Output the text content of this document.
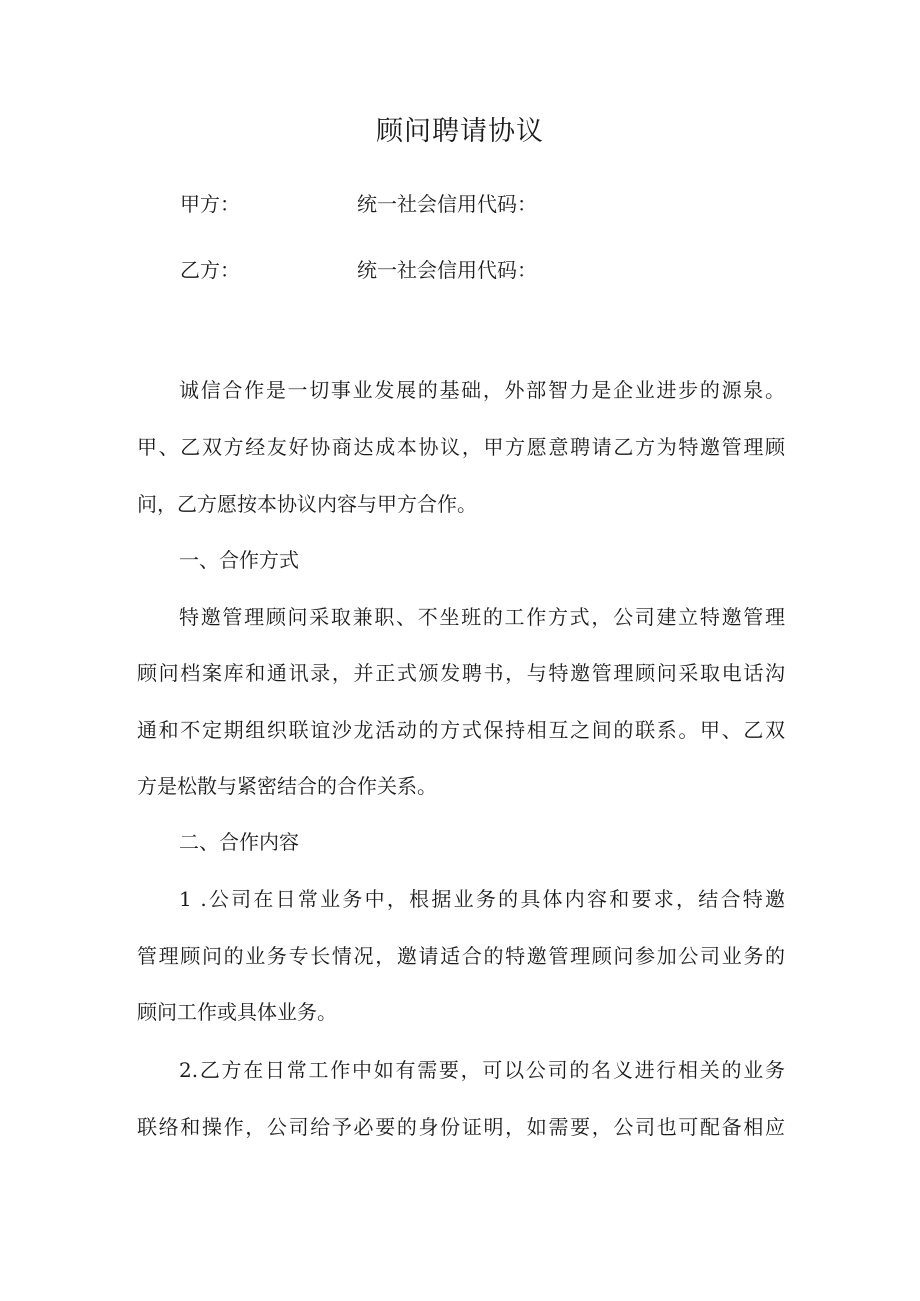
顾问聘请协议
甲方：	统一社会信用代码：
乙方：	统一社会信用代码：
诚信合作是一切事业发展的基础，外部智力是企业进步的源泉。
甲、乙双方经友好协商达成本协议，甲方愿意聘请乙方为特邀管理顾
问，乙方愿按本协议内容与甲方合作。
一、合作方式
特邀管理顾问采取兼职、不坐班的工作方式，公司建立特邀管理
顾问档案库和通讯录，并正式颁发聘书，与特邀管理顾问采取电话沟
通和不定期组织联谊沙龙活动的方式保持相互之间的联系。甲、乙双
方是松散与紧密结合的合作关系。
二、合作内容
1 .公司在日常业务中，根据业务的具体内容和要求，结合特邀
管理顾问的业务专长情况，邀请适合的特邀管理顾问参加公司业务的
顾问工作或具体业务。
2.乙方在日常工作中如有需要，可以公司的名义进行相关的业务
联络和操作，公司给予必要的身份证明，如需要，公司也可配备相应
